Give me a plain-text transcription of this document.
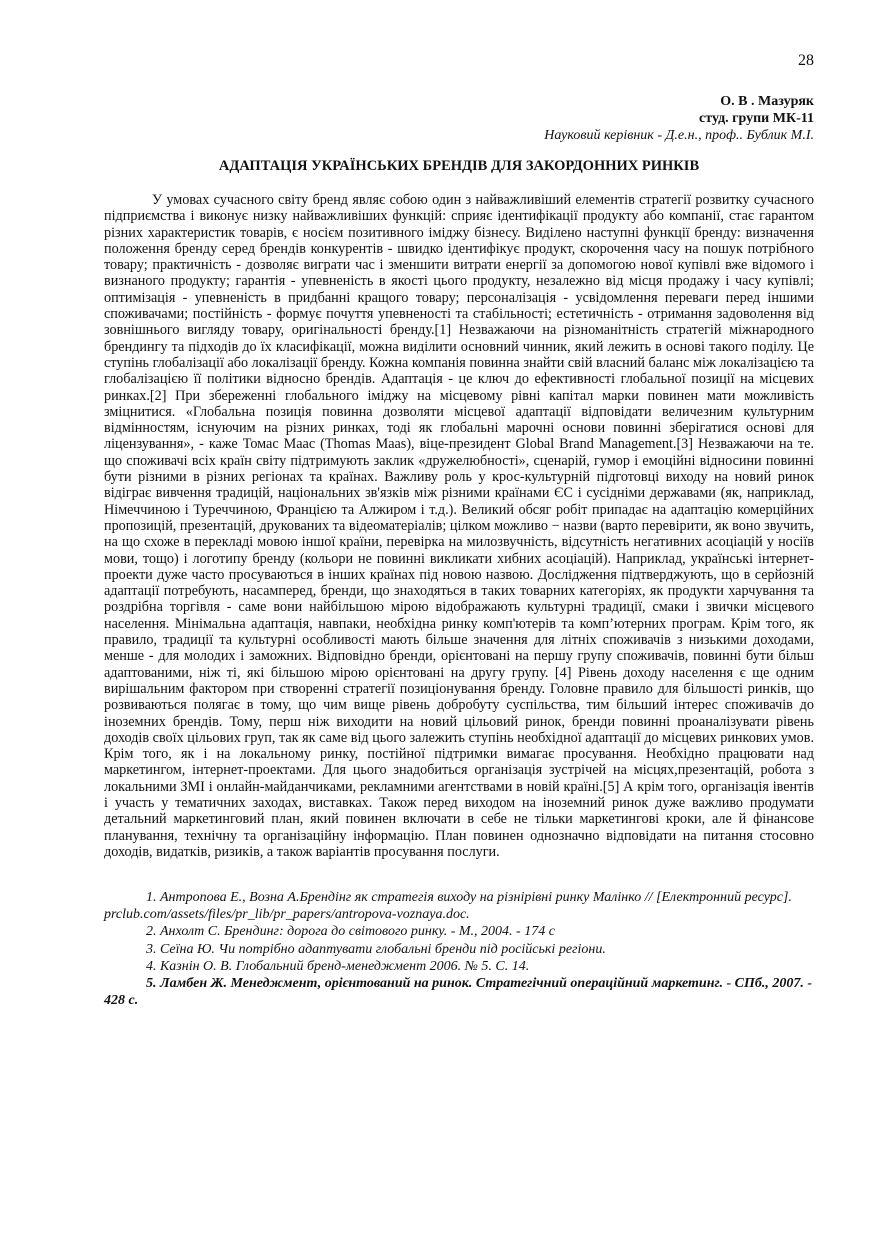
28

О. В . Мазуряк
студ. групи МК-11
Науковий керівник - Д.е.н., проф.. Бублик М.І.
АДАПТАЦІЯ УКРАЇНСЬКИХ БРЕНДІВ ДЛЯ ЗАКОРДОННИХ РИНКІВ

У умовах сучасного світу бренд являє собою один з найважливіший елементів стратегії розвитку сучасного підприємства і виконує низку найважливіших функцій: сприяє ідентифікації продукту або компанії, стає гарантом різних характеристик товарів, є носієм позитивного іміджу бізнесу. Виділено наступні функції бренду: визначення положення бренду серед брендів конкурентів - швидко ідентифікує продукт, скорочення часу на пошук потрібного товару; практичність - дозволяє виграти час і зменшити витрати енергії за допомогою нової купівлі вже відомого і визнаного продукту; гарантія - упевненість в якості цього продукту, незалежно від місця продажу і часу купівлі; оптимізація - упевненість в придбанні кращого товару; персоналізація - усвідомлення переваги перед іншими споживачами; постійність - формує почуття упевненості та стабільності; естетичність - отримання задоволення від зовнішнього вигляду товару, оригінальності бренду.[1] Незважаючи на різноманітність стратегій міжнародного брендингу та підходів до їх класифікації, можна виділити основний чинник, який лежить в основі такого поділу. Це ступінь глобалізації або локалізації бренду. Кожна компанія повинна знайти свій власний баланс між локалізацією та глобалізацією її політики відносно брендів. Адаптація - це ключ до ефективності глобальної позиції на місцевих ринках.[2] При збереженні глобального іміджу на місцевому рівні капітал марки повинен мати можливість зміцнитися. «Глобальна позиція повинна дозволяти місцевої адаптації відповідати величезним культурним відмінностям, існуючим на різних ринках, тоді як глобальні марочні основи повинні зберігатися основі для ліцензування», - каже Томас Маас (Thomas Maas), віце-президент Global Brand Management.[3] Незважаючи на те. що споживачі всіх країн світу підтримують заклик «дружелюбності», сценарій, гумор і емоційні відносини повинні бути різними в різних регіонах та країнах. Важливу роль у крос-культурній підготовці виходу на новий ринок відіграє вивчення традицій, національних зв'язків між різними країнами ЄС і сусідніми державами (як, наприклад, Німеччиною і Туреччиною, Францією та Алжиром і т.д.). Великий обсяг робіт припадає на адаптацію комерційних пропозицій, презентацій, друкованих та відеоматеріалів; цілком можливо − назви (варто перевірити, як воно звучить, на що схоже в перекладі мовою іншої країни, перевірка на милозвучність, відсутність негативних асоціацій у носіїв мови, тощо) і логотипу бренду (кольори не повинні викликати хибних асоціацій). Наприклад, українські інтернет-проекти дуже часто просуваються в інших країнах під новою назвою. Дослідження підтверджують, що в серйозній адаптації потребують, насамперед, бренди, що знаходяться в таких товарних категоріях, як продукти харчування та роздрібна торгівля - саме вони найбільшою мірою відображають культурні традиції, смаки і звички місцевого населення. Мінімальна адаптація, навпаки, необхідна ринку комп'ютерів та комп’ютерних програм. Крім того, як правило, традиції та культурні особливості мають більше значення для літніх споживачів з низькими доходами, менше - для молодих і заможних. Відповідно бренди, орієнтовані на першу групу споживачів, повинні бути більш адаптованими, ніж ті, які більшою мірою орієнтовані на другу групу. [4] Рівень доходу населення є ще одним вирішальним фактором при створенні стратегії позиціонування бренду. Головне правило для більшості ринків, що розвиваються полягає в тому, що чим вище рівень добробуту суспільства, тим більший інтерес споживачів до іноземних брендів. Тому, перш ніж виходити на новий цільовий ринок, бренди повинні проаналізувати рівень доходів своїх цільових груп, так як саме від цього залежить ступінь необхідної адаптації до місцевих ринкових умов. Крім того, як і на локальному ринку, постійної підтримки вимагає просування. Необхідно працювати над маркетингом, інтернет-проектами. Для цього знадобиться організація зустрічей на місцях,презентацій, робота з локальними ЗМІ і онлайн-майданчиками, рекламними агентствами в новій країні.[5] А крім того, організація івентів і участь у тематичних заходах, виставках. Також перед виходом на іноземний ринок дуже важливо продумати детальний маркетинговий план, який повинен включати в себе не тільки маркетингові кроки, але й фінансове планування, технічну та організаційну інформацію. План повинен однозначно відповідати на питання стосовно доходів, видатків, ризиків, а також варіантів просування послуги.

1. Антропова Е., Возна А.Брендінг як стратегія виходу на різнірівні ринку Малінко // [Електронний ресурс]. prclub.com/assets/files/pr_lib/pr_papers/antropova-voznaya.doc.
2. Анхолт С. Брендинг: дорога до світового ринку. - М., 2004. - 174 с
3. Сеїна Ю. Чи потрібно адаптувати глобальні бренди під російські регіони.
4. Казнін О. В. Глобальний бренд-менеджмент 2006. № 5. С. 14.
5. Ламбен Ж. Менеджмент, орієнтований на ринок. Стратегічний операційний маркетинг. - СПб., 2007. - 428 с.
